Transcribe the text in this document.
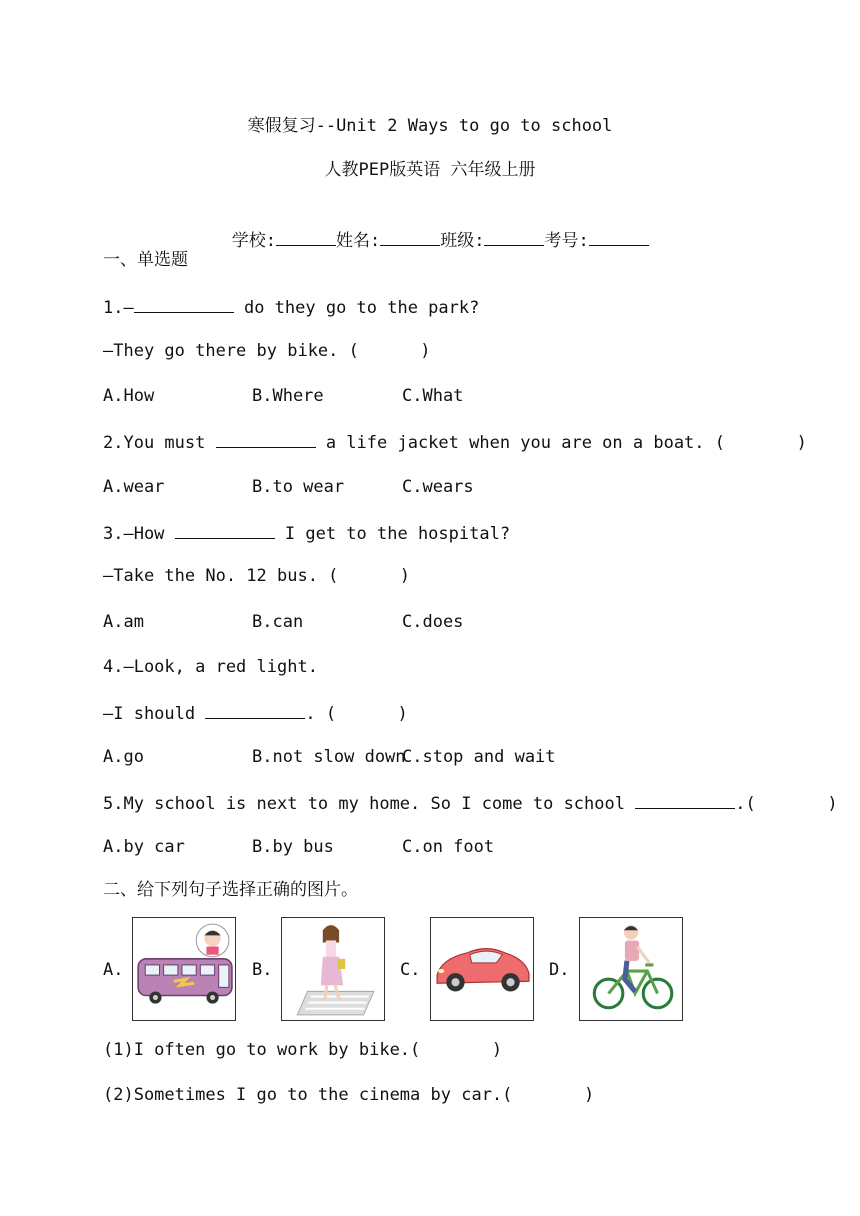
寒假复习--Unit 2 Ways to go to school
人教PEP版英语 六年级上册

学校:	姓名:	班级:	考号:

一、单选题
1.—	do they go to the park?
—They go there by bike. (      )
A.How	B.Where	C.What
2.You must	a life jacket when you are on a boat. (       )
A.wear	B.to wear	C.wears
3.—How	I get to the hospital?
—Take the No. 12 bus. (      )
A.am	B.can	C.does
4.—Look, a red light.
—I should	. (      )
A.go	B.not slow down
C.stop and wait
5.My school is next to my home. So I come to school	.(       )
A.by car	B.by bus	C.on foot
二、给下列句子选择正确的图片。
A.	B.	C.	D.
(1)I often go to work by bike.(       )
(2)Sometimes I go to the cinema by car.(       )
